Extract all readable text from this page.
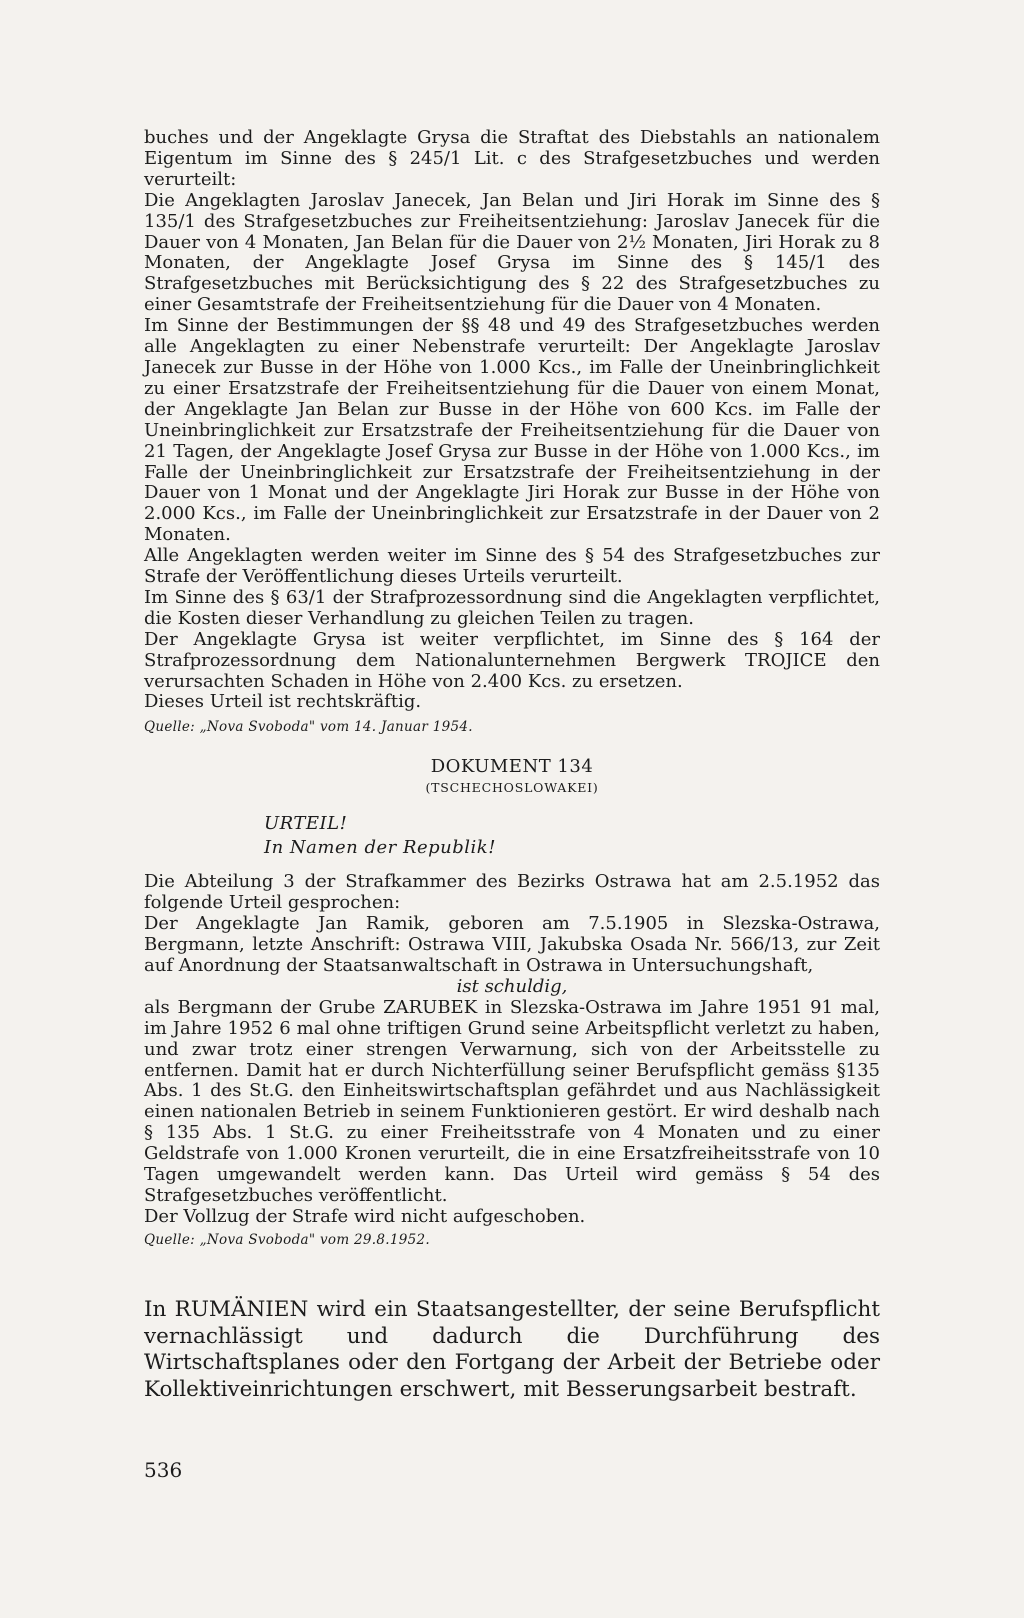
buches und der Angeklagte Grysa die Straftat des Diebstahls an nationalem Eigentum im Sinne des § 245/1 Lit. c des Strafgesetzbuches und werden verurteilt:

Die Angeklagten Jaroslav Janecek, Jan Belan und Jiri Horak im Sinne des § 135/1 des Strafgesetzbuches zur Freiheitsentziehung: Jaroslav Janecek für die Dauer von 4 Monaten, Jan Belan für die Dauer von 2½ Monaten, Jiri Horak zu 8 Monaten, der Angeklagte Josef Grysa im Sinne des § 145/1 des Strafgesetzbuches mit Berücksichtigung des § 22 des Strafgesetzbuches zu einer Gesamtstrafe der Freiheitsentziehung für die Dauer von 4 Monaten.

Im Sinne der Bestimmungen der §§ 48 und 49 des Strafgesetzbuches werden alle Angeklagten zu einer Nebenstrafe verurteilt: Der Angeklagte Jaroslav Janecek zur Busse in der Höhe von 1.000 Kcs., im Falle der Uneinbringlichkeit zu einer Ersatzstrafe der Freiheitsentziehung für die Dauer von einem Monat, der Angeklagte Jan Belan zur Busse in der Höhe von 600 Kcs. im Falle der Uneinbringlichkeit zur Ersatzstrafe der Freiheitsentziehung für die Dauer von 21 Tagen, der Angeklagte Josef Grysa zur Busse in der Höhe von 1.000 Kcs., im Falle der Uneinbringlichkeit zur Ersatzstrafe der Freiheitsentziehung in der Dauer von 1 Monat und der Angeklagte Jiri Horak zur Busse in der Höhe von 2.000 Kcs., im Falle der Uneinbringlichkeit zur Ersatzstrafe in der Dauer von 2 Monaten.

Alle Angeklagten werden weiter im Sinne des § 54 des Strafgesetzbuches zur Strafe der Veröffentlichung dieses Urteils verurteilt.

Im Sinne des § 63/1 der Strafprozessordnung sind die Angeklagten verpflichtet, die Kosten dieser Verhandlung zu gleichen Teilen zu tragen.

Der Angeklagte Grysa ist weiter verpflichtet, im Sinne des § 164 der Strafprozessordnung dem Nationalunternehmen Bergwerk TROJICE den verursachten Schaden in Höhe von 2.400 Kcs. zu ersetzen.

Dieses Urteil ist rechtskräftig.

Quelle: „Nova Svoboda" vom 14. Januar 1954.
DOKUMENT 134
(TSCHECHOSLOWAKEI)
URTEIL!
In Namen der Republik!

Die Abteilung 3 der Strafkammer des Bezirks Ostrawa hat am 2.5.1952 das folgende Urteil gesprochen:

Der Angeklagte Jan Ramik, geboren am 7.5.1905 in Slezska-Ostrawa, Bergmann, letzte Anschrift: Ostrawa VIII, Jakubska Osada Nr. 566/13, zur Zeit auf Anordnung der Staatsanwaltschaft in Ostrawa in Untersuchungshaft,

ist schuldig,

als Bergmann der Grube ZARUBEK in Slezska-Ostrawa im Jahre 1951 91 mal, im Jahre 1952 6 mal ohne triftigen Grund seine Arbeitspflicht verletzt zu haben, und zwar trotz einer strengen Verwarnung, sich von der Arbeitsstelle zu entfernen. Damit hat er durch Nichterfüllung seiner Berufspflicht gemäss §135 Abs. 1 des St.G. den Einheitswirtschaftsplan gefährdet und aus Nachlässigkeit einen nationalen Betrieb in seinem Funktionieren gestört. Er wird deshalb nach § 135 Abs. 1 St.G. zu einer Freiheitsstrafe von 4 Monaten und zu einer Geldstrafe von 1.000 Kronen verurteilt, die in eine Ersatzfreiheitsstrafe von 10 Tagen umgewandelt werden kann. Das Urteil wird gemäss § 54 des Strafgesetzbuches veröffentlicht.

Der Vollzug der Strafe wird nicht aufgeschoben.

Quelle: „Nova Svoboda" vom 29.8.1952.

In RUMÄNIEN wird ein Staatsangestellter, der seine Berufspflicht vernachlässigt und dadurch die Durchführung des Wirtschaftsplanes oder den Fortgang der Arbeit der Betriebe oder Kollektiveinrichtungen erschwert, mit Besserungsarbeit bestraft.

536
